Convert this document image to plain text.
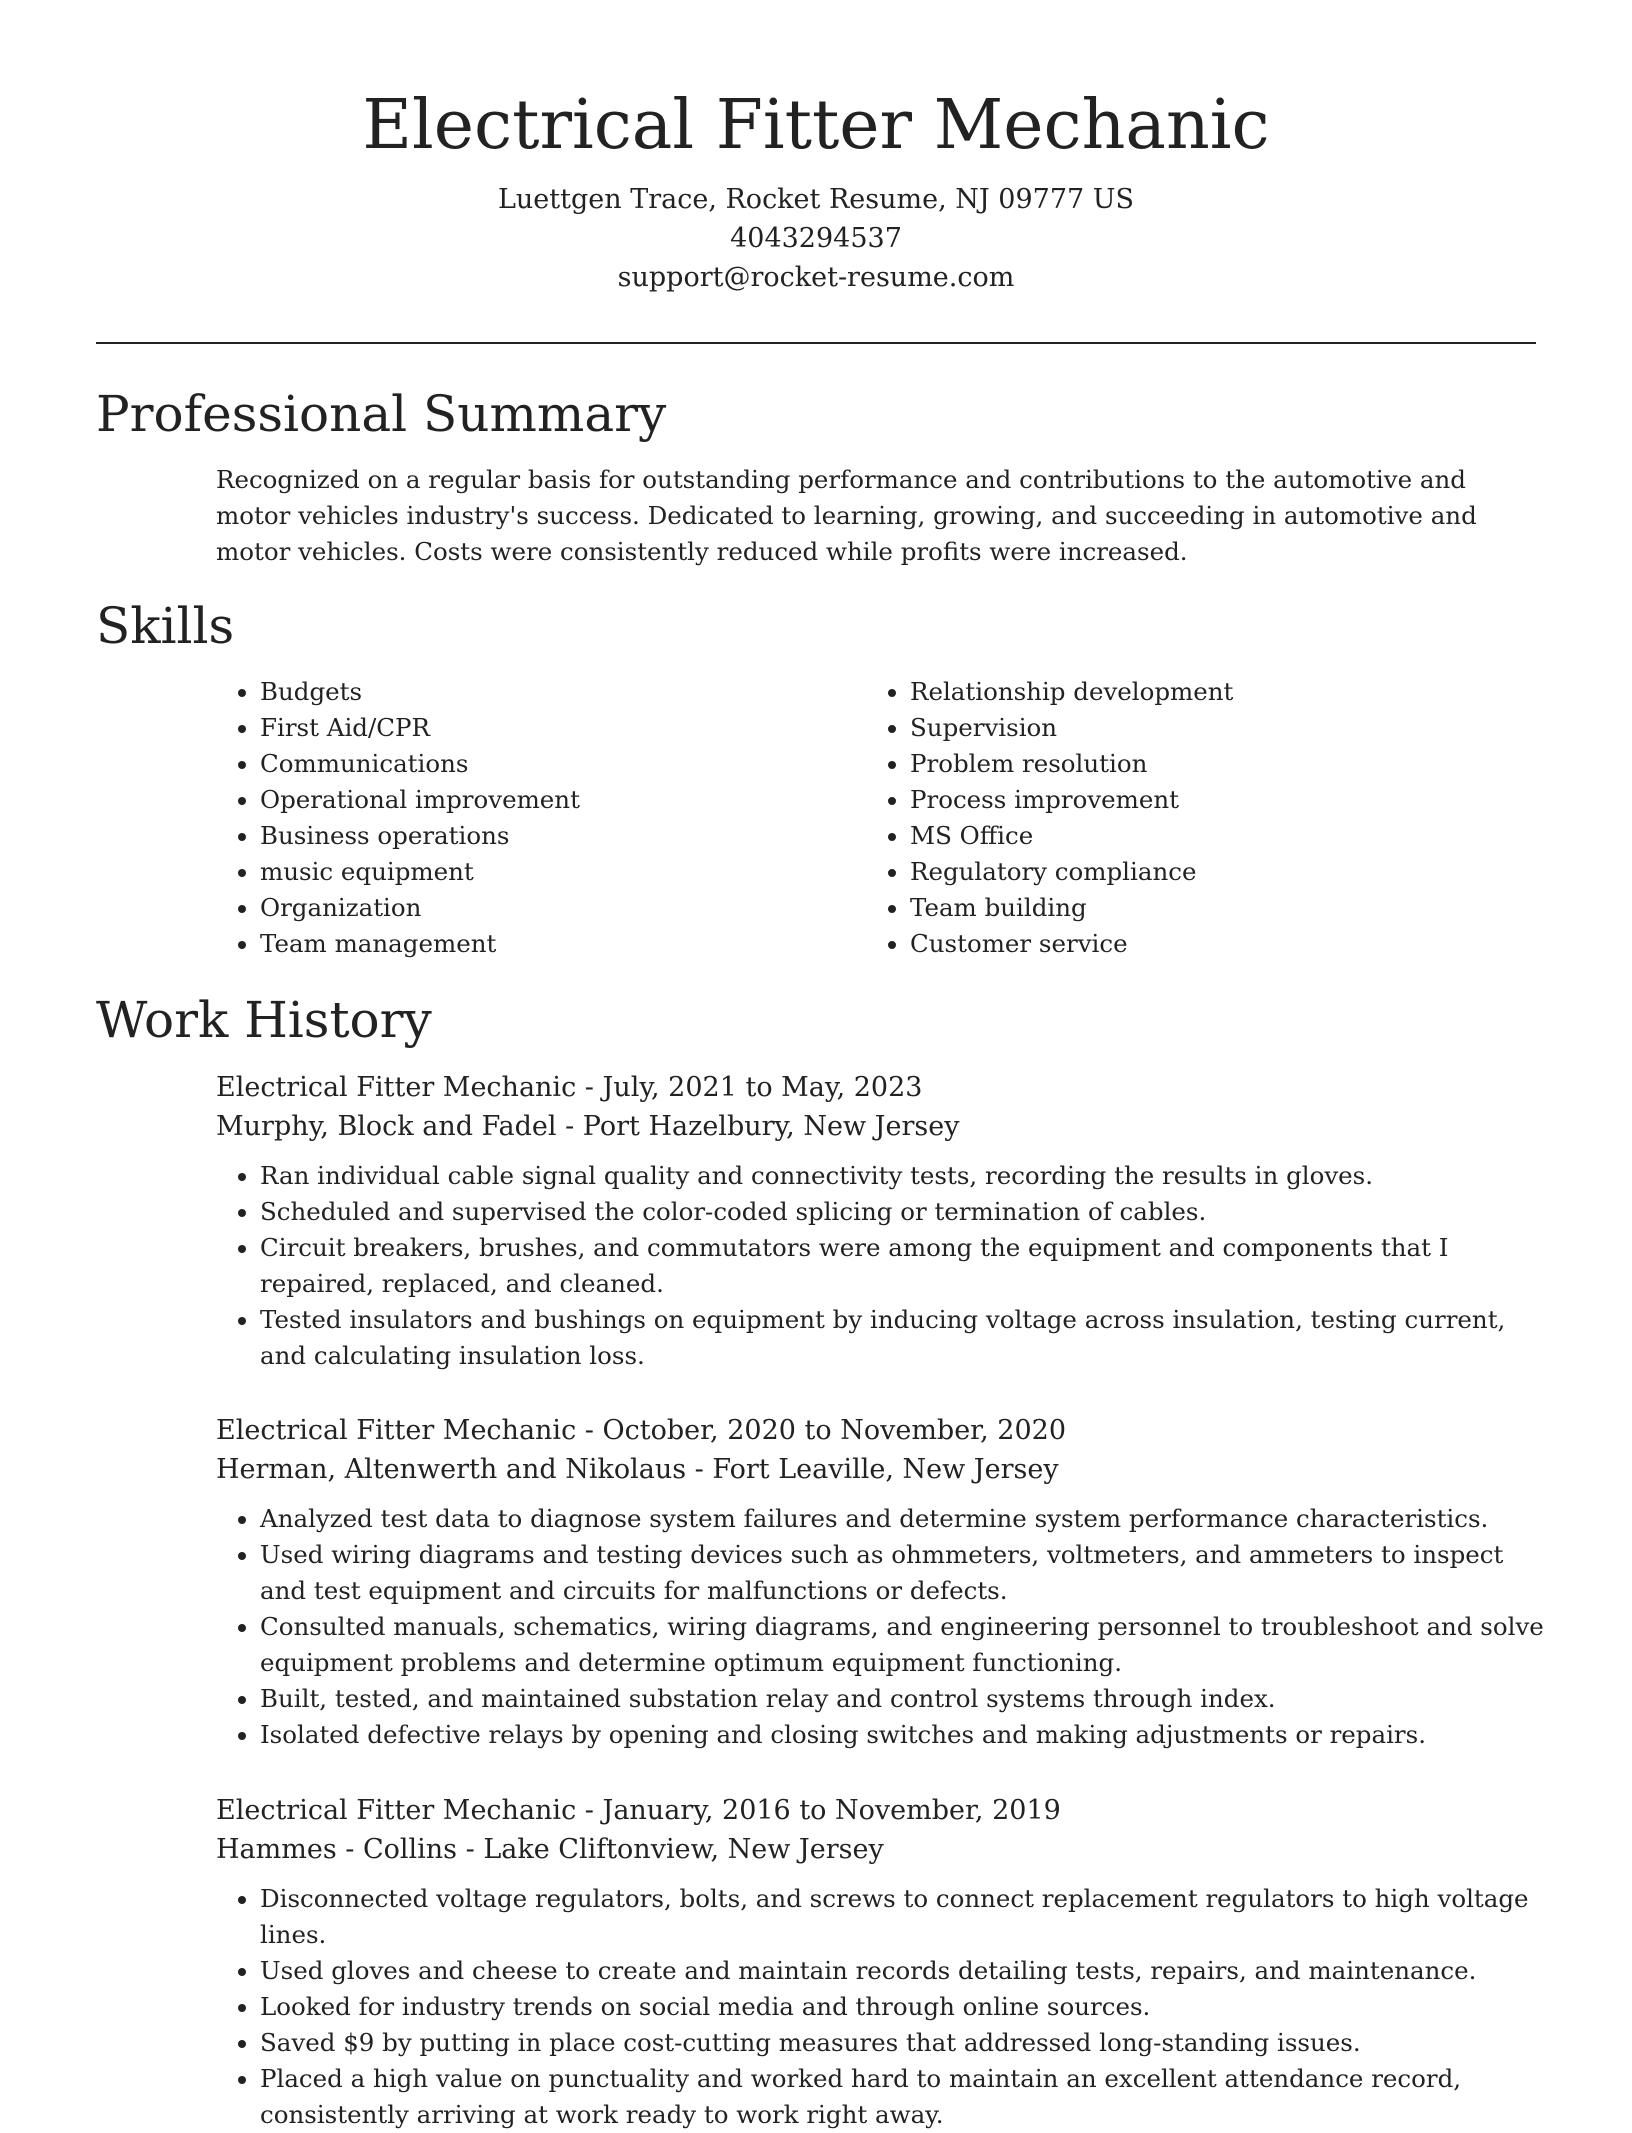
Electrical Fitter Mechanic

Luettgen Trace, Rocket Resume, NJ 09777 US

4043294537

support@rocket-resume.com

Professional Summary

Recognized on a regular basis for outstanding performance and contributions to the automotive and motor vehicles industry's success. Dedicated to learning, growing, and succeeding in automotive and motor vehicles. Costs were consistently reduced while profits were increased.

Skills
• Budgets
• First Aid/CPR
• Communications
• Operational improvement
• Business operations
• music equipment
• Organization
• Team management
• Relationship development
• Supervision
• Problem resolution
• Process improvement
• MS Office
• Regulatory compliance
• Team building
• Customer service
Work History

Electrical Fitter Mechanic - July, 2021 to May, 2023

Murphy, Block and Fadel - Port Hazelbury, New Jersey

• Ran individual cable signal quality and connectivity tests, recording the results in gloves.
• Scheduled and supervised the color-coded splicing or termination of cables.
• Circuit breakers, brushes, and commutators were among the equipment and components that I repaired, replaced, and cleaned.
• Tested insulators and bushings on equipment by inducing voltage across insulation, testing current, and calculating insulation loss.

Electrical Fitter Mechanic - October, 2020 to November, 2020

Herman, Altenwerth and Nikolaus - Fort Leaville, New Jersey

• Analyzed test data to diagnose system failures and determine system performance characteristics.
• Used wiring diagrams and testing devices such as ohmmeters, voltmeters, and ammeters to inspect and test equipment and circuits for malfunctions or defects.
• Consulted manuals, schematics, wiring diagrams, and engineering personnel to troubleshoot and solve equipment problems and determine optimum equipment functioning.
• Built, tested, and maintained substation relay and control systems through index.
• Isolated defective relays by opening and closing switches and making adjustments or repairs.

Electrical Fitter Mechanic - January, 2016 to November, 2019

Hammes - Collins - Lake Cliftonview, New Jersey

• Disconnected voltage regulators, bolts, and screws to connect replacement regulators to high voltage lines.
• Used gloves and cheese to create and maintain records detailing tests, repairs, and maintenance.
• Looked for industry trends on social media and through online sources.
• Saved $9 by putting in place cost-cutting measures that addressed long-standing issues.
• Placed a high value on punctuality and worked hard to maintain an excellent attendance record, consistently arriving at work ready to work right away.
